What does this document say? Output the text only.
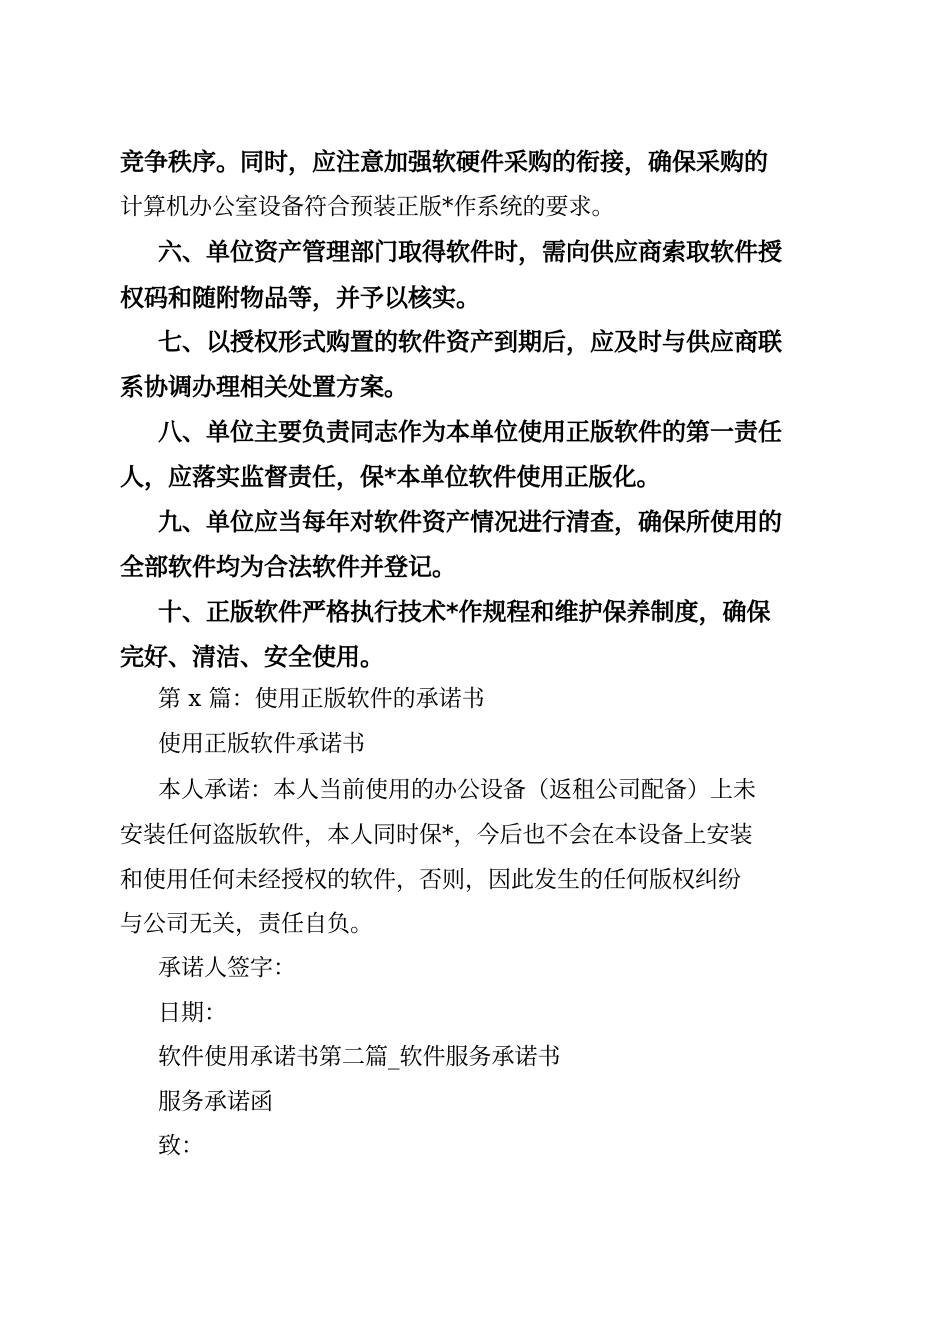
竞争秩序。同时，应注意加强软硬件采购的衔接，确保采购的
计算机办公室设备符合预装正版*作系统的要求。
六、单位资产管理部门取得软件时，需向供应商索取软件授
权码和随附物品等，并予以核实。
七、以授权形式购置的软件资产到期后，应及时与供应商联
系协调办理相关处置方案。
八、单位主要负责同志作为本单位使用正版软件的第一责任
人，应落实监督责任，保*本单位软件使用正版化。
九、单位应当每年对软件资产情况进行清查，确保所使用的
全部软件均为合法软件并登记。
十、正版软件严格执行技术*作规程和维护保养制度，确保
完好、清洁、安全使用。
第 x 篇：使用正版软件的承诺书
使用正版软件承诺书
本人承诺：本人当前使用的办公设备（返租公司配备）上未
安装任何盗版软件，本人同时保*，今后也不会在本设备上安装
和使用任何未经授权的软件，否则，因此发生的任何版权纠纷
与公司无关，责任自负。
承诺人签字：
日期：
软件使用承诺书第二篇_软件服务承诺书
服务承诺函
致：
